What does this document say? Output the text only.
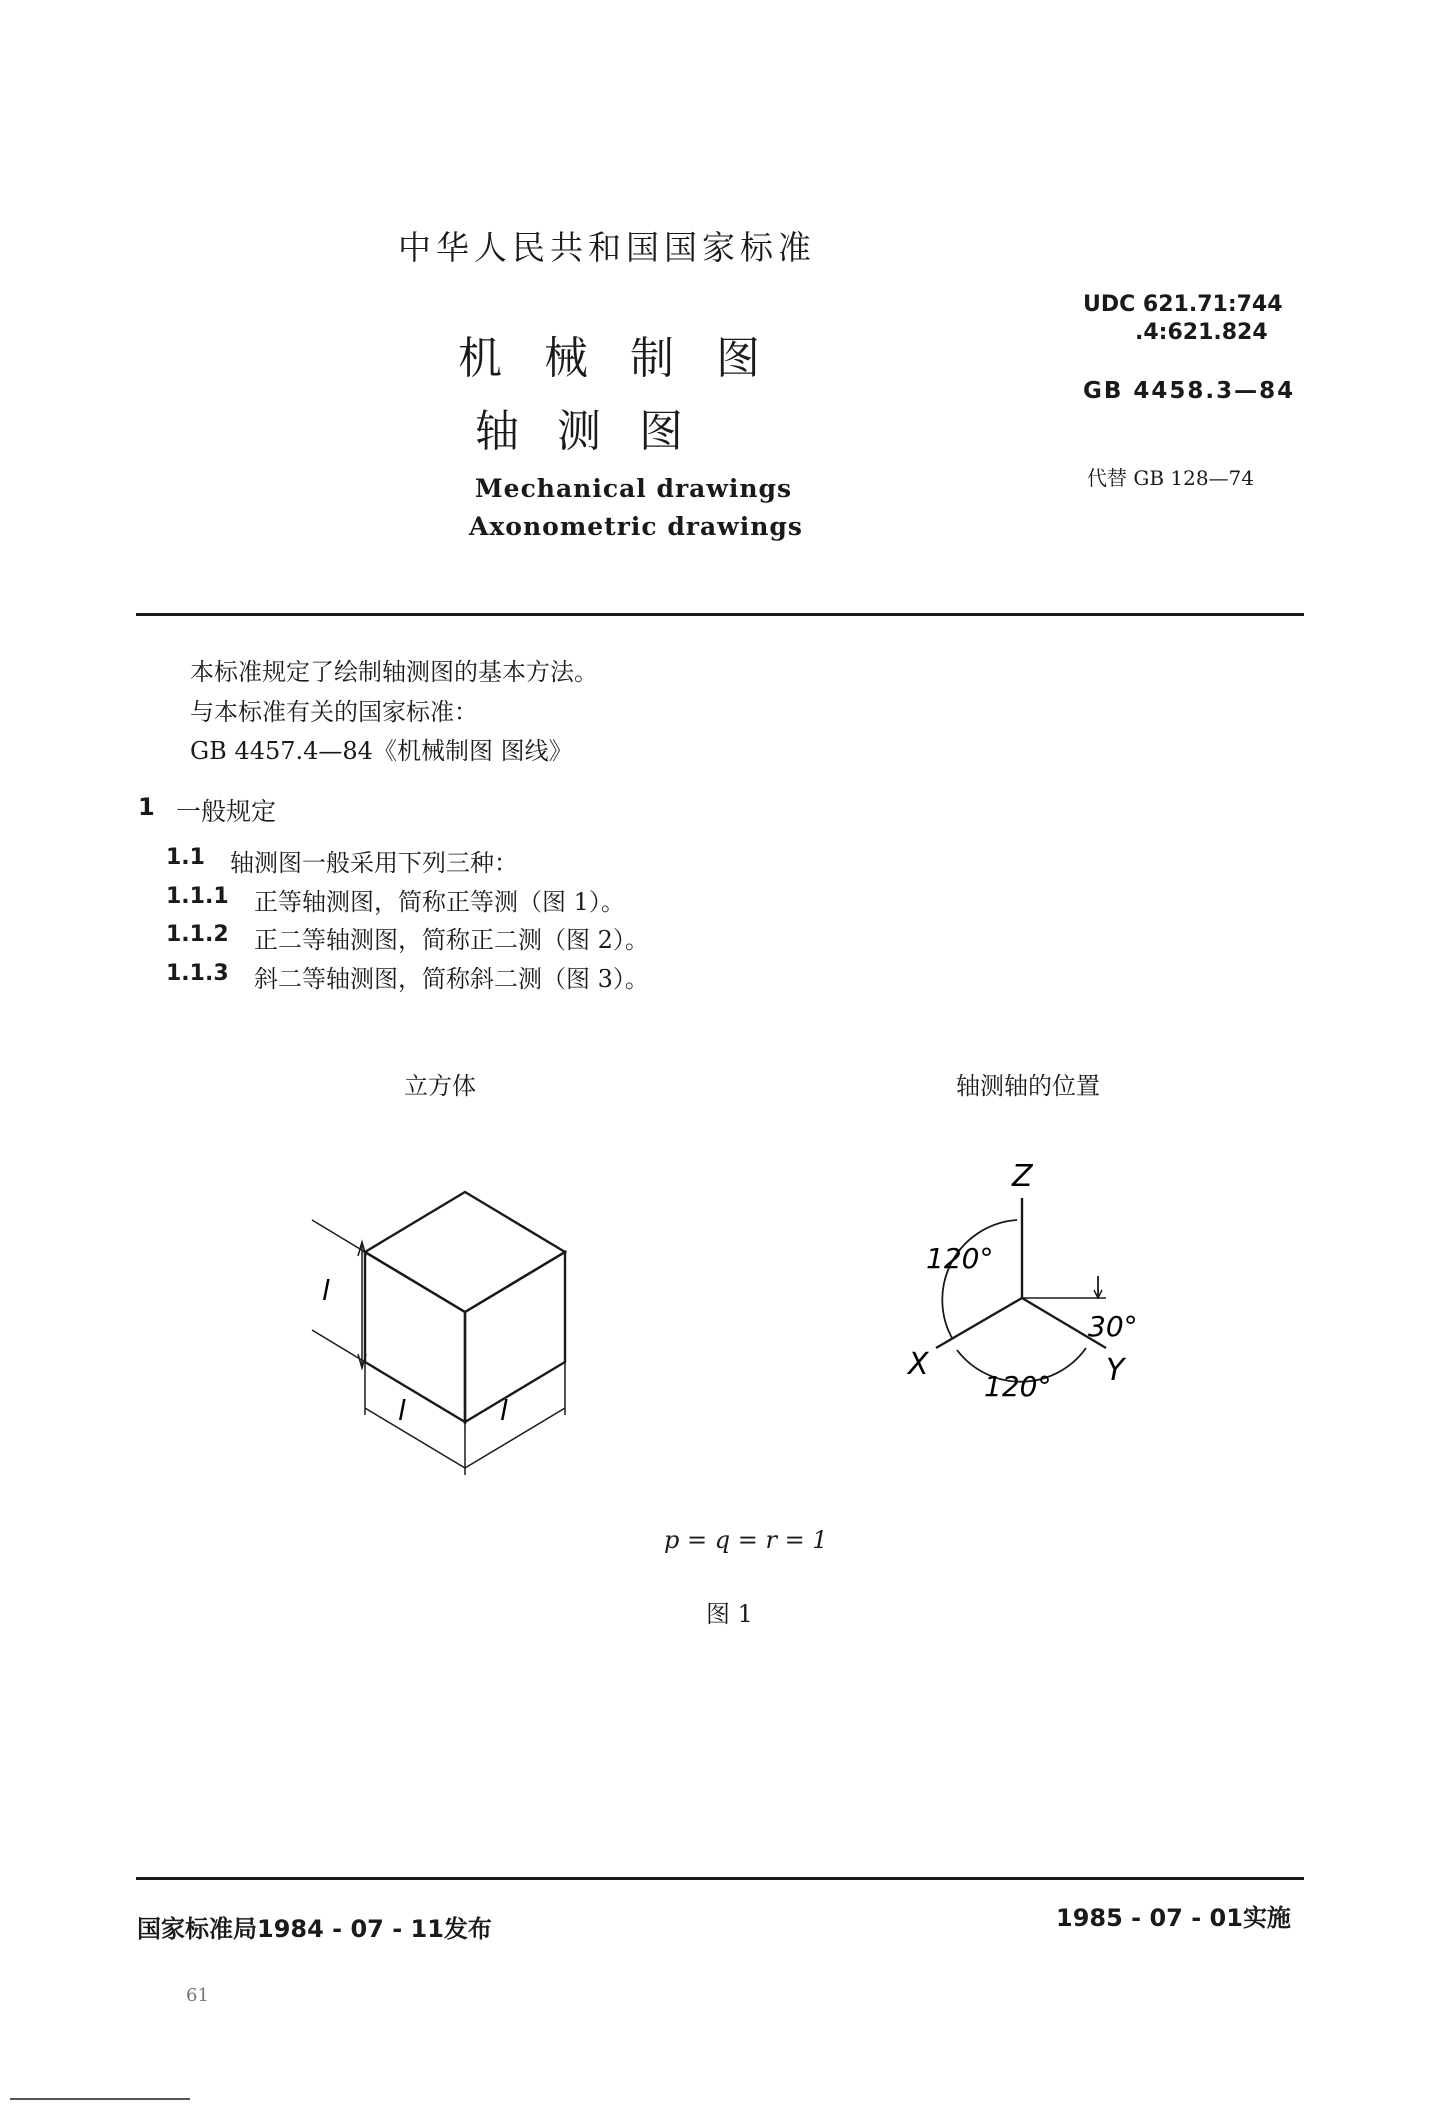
中华人民共和国国家标准
机 械 制 图
轴 测 图
Mechanical drawings
Axonometric drawings
UDC 621.71:744
.4:621.824
GB 4458.3—84
代替 GB 128—74
本标准规定了绘制轴测图的基本方法。
与本标准有关的国家标准：
GB 4457.4—84《机械制图 图线》
1 一般规定
1.1 轴测图一般采用下列三种：
1.1.1 正等轴测图，简称正等测（图 1）。
1.1.2 正二等轴测图，简称正二测（图 2）。
1.1.3 斜二等轴测图，简称斜二测（图 3）。
立方体	轴测轴的位置
l
l	l
Z
X	Y
120°
120°
30°
p = q = r = 1
图 1
国家标准局1984 - 07 - 11发布	1985 - 07 - 01实施
61
